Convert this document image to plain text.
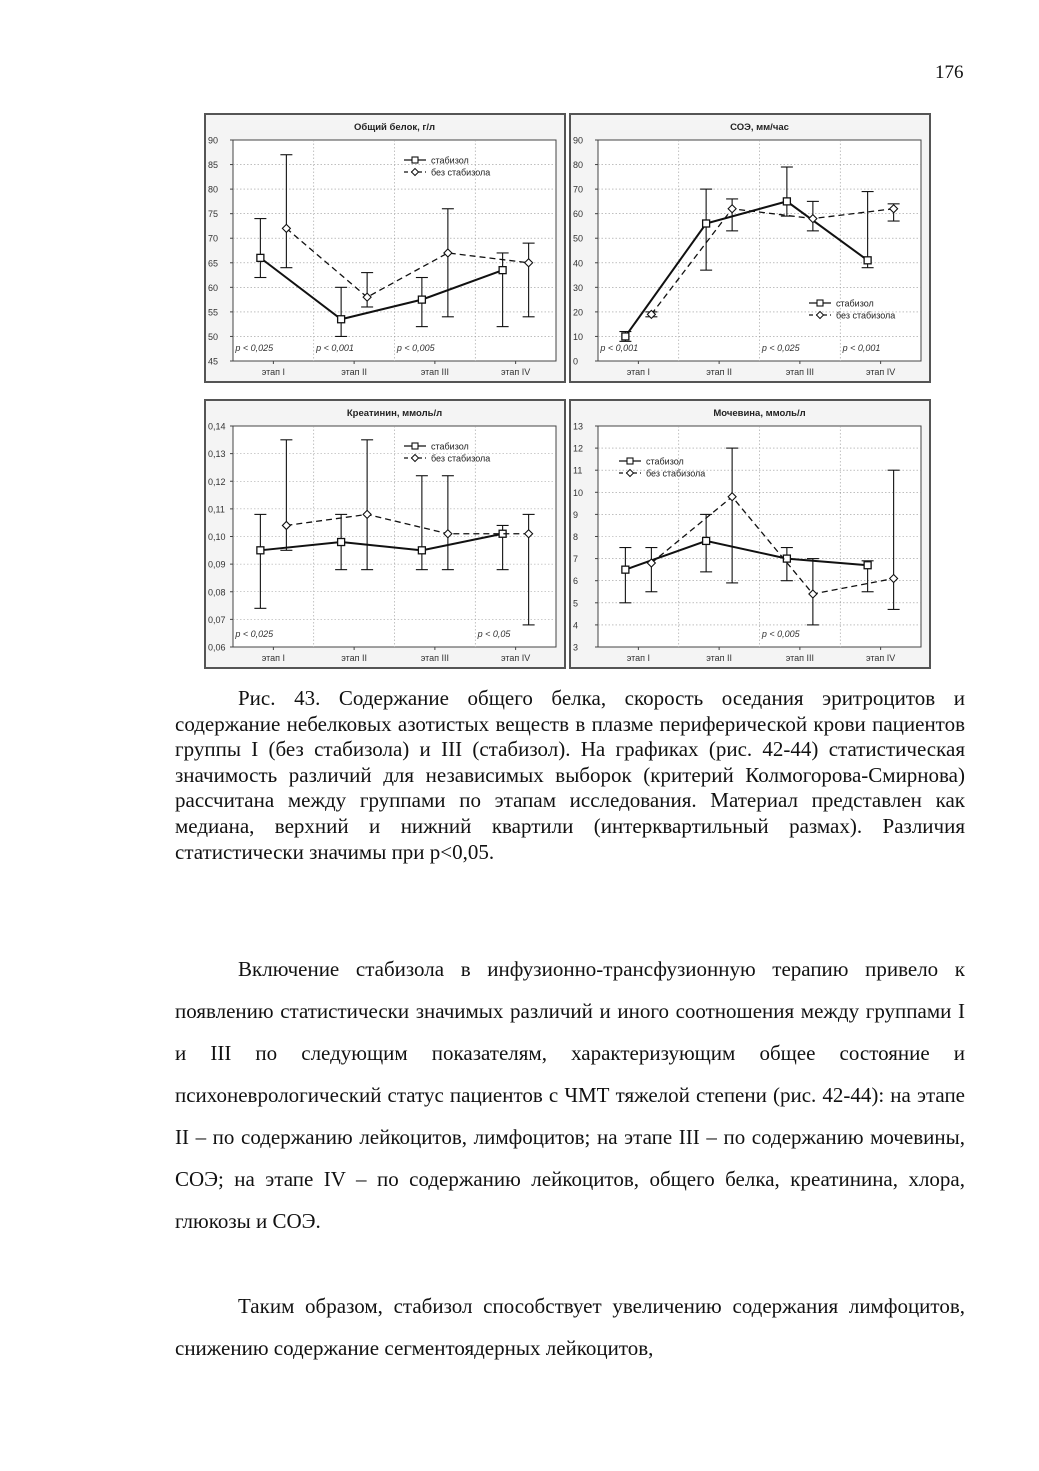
176
Общий белок, г/л
45
50
55
60
65
70
75
80
85
90
этап I	этап II	этап III	этап IV
стабизол
без стабизола
p < 0,025	p < 0,001	p < 0,005
СОЭ, мм/час
0
10
20
30
40
50
60
70
80
90
этап I	этап II	этап III	этап IV
стабизол
без стабизола
p < 0,001	p < 0,025	p < 0,001
Креатинин, ммоль/л
0,06
0,07
0,08
0,09
0,10
0,11
0,12
0,13
0,14
этап I	этап II	этап III	этап IV
стабизол
без стабизола
p < 0,025	p < 0,05
Мочевина, ммоль/л
3
4
5
6
7
8
9
10
11
12
13
этап I	этап II	этап III	этап IV
стабизол
без стабизола
p < 0,005

Рис. 43. Содержание общего белка, скорость оседания эритроцитов и содержание небелковых азотистых веществ в плазме периферической крови пациентов группы I (без стабизола) и III (стабизол). На графиках (рис. 42-44) статистическая значимость различий для независимых выборок (критерий Колмогорова-Смирнова) рассчитана между группами по этапам исследования. Материал представлен как медиана, верхний и нижний квартили (интерквартильный размах). Различия статистически значимы при p<0,05.

Включение стабизола в инфузионно-трансфузионную терапию привело к появлению статистически значимых различий и иного соотношения между группами I и III по следующим показателям, характеризующим общее состояние и психоневрологический статус пациентов с ЧМТ тяжелой степени (рис. 42-44): на этапе II – по содержанию лейкоцитов, лимфоцитов; на этапе III – по содержанию мочевины, СОЭ; на этапе IV – по содержанию лейкоцитов, общего белка, креатинина, хлора, глюкозы и СОЭ.

Таким образом, стабизол способствует увеличению содержания лимфоцитов, снижению содержание сегментоядерных лейкоцитов,
